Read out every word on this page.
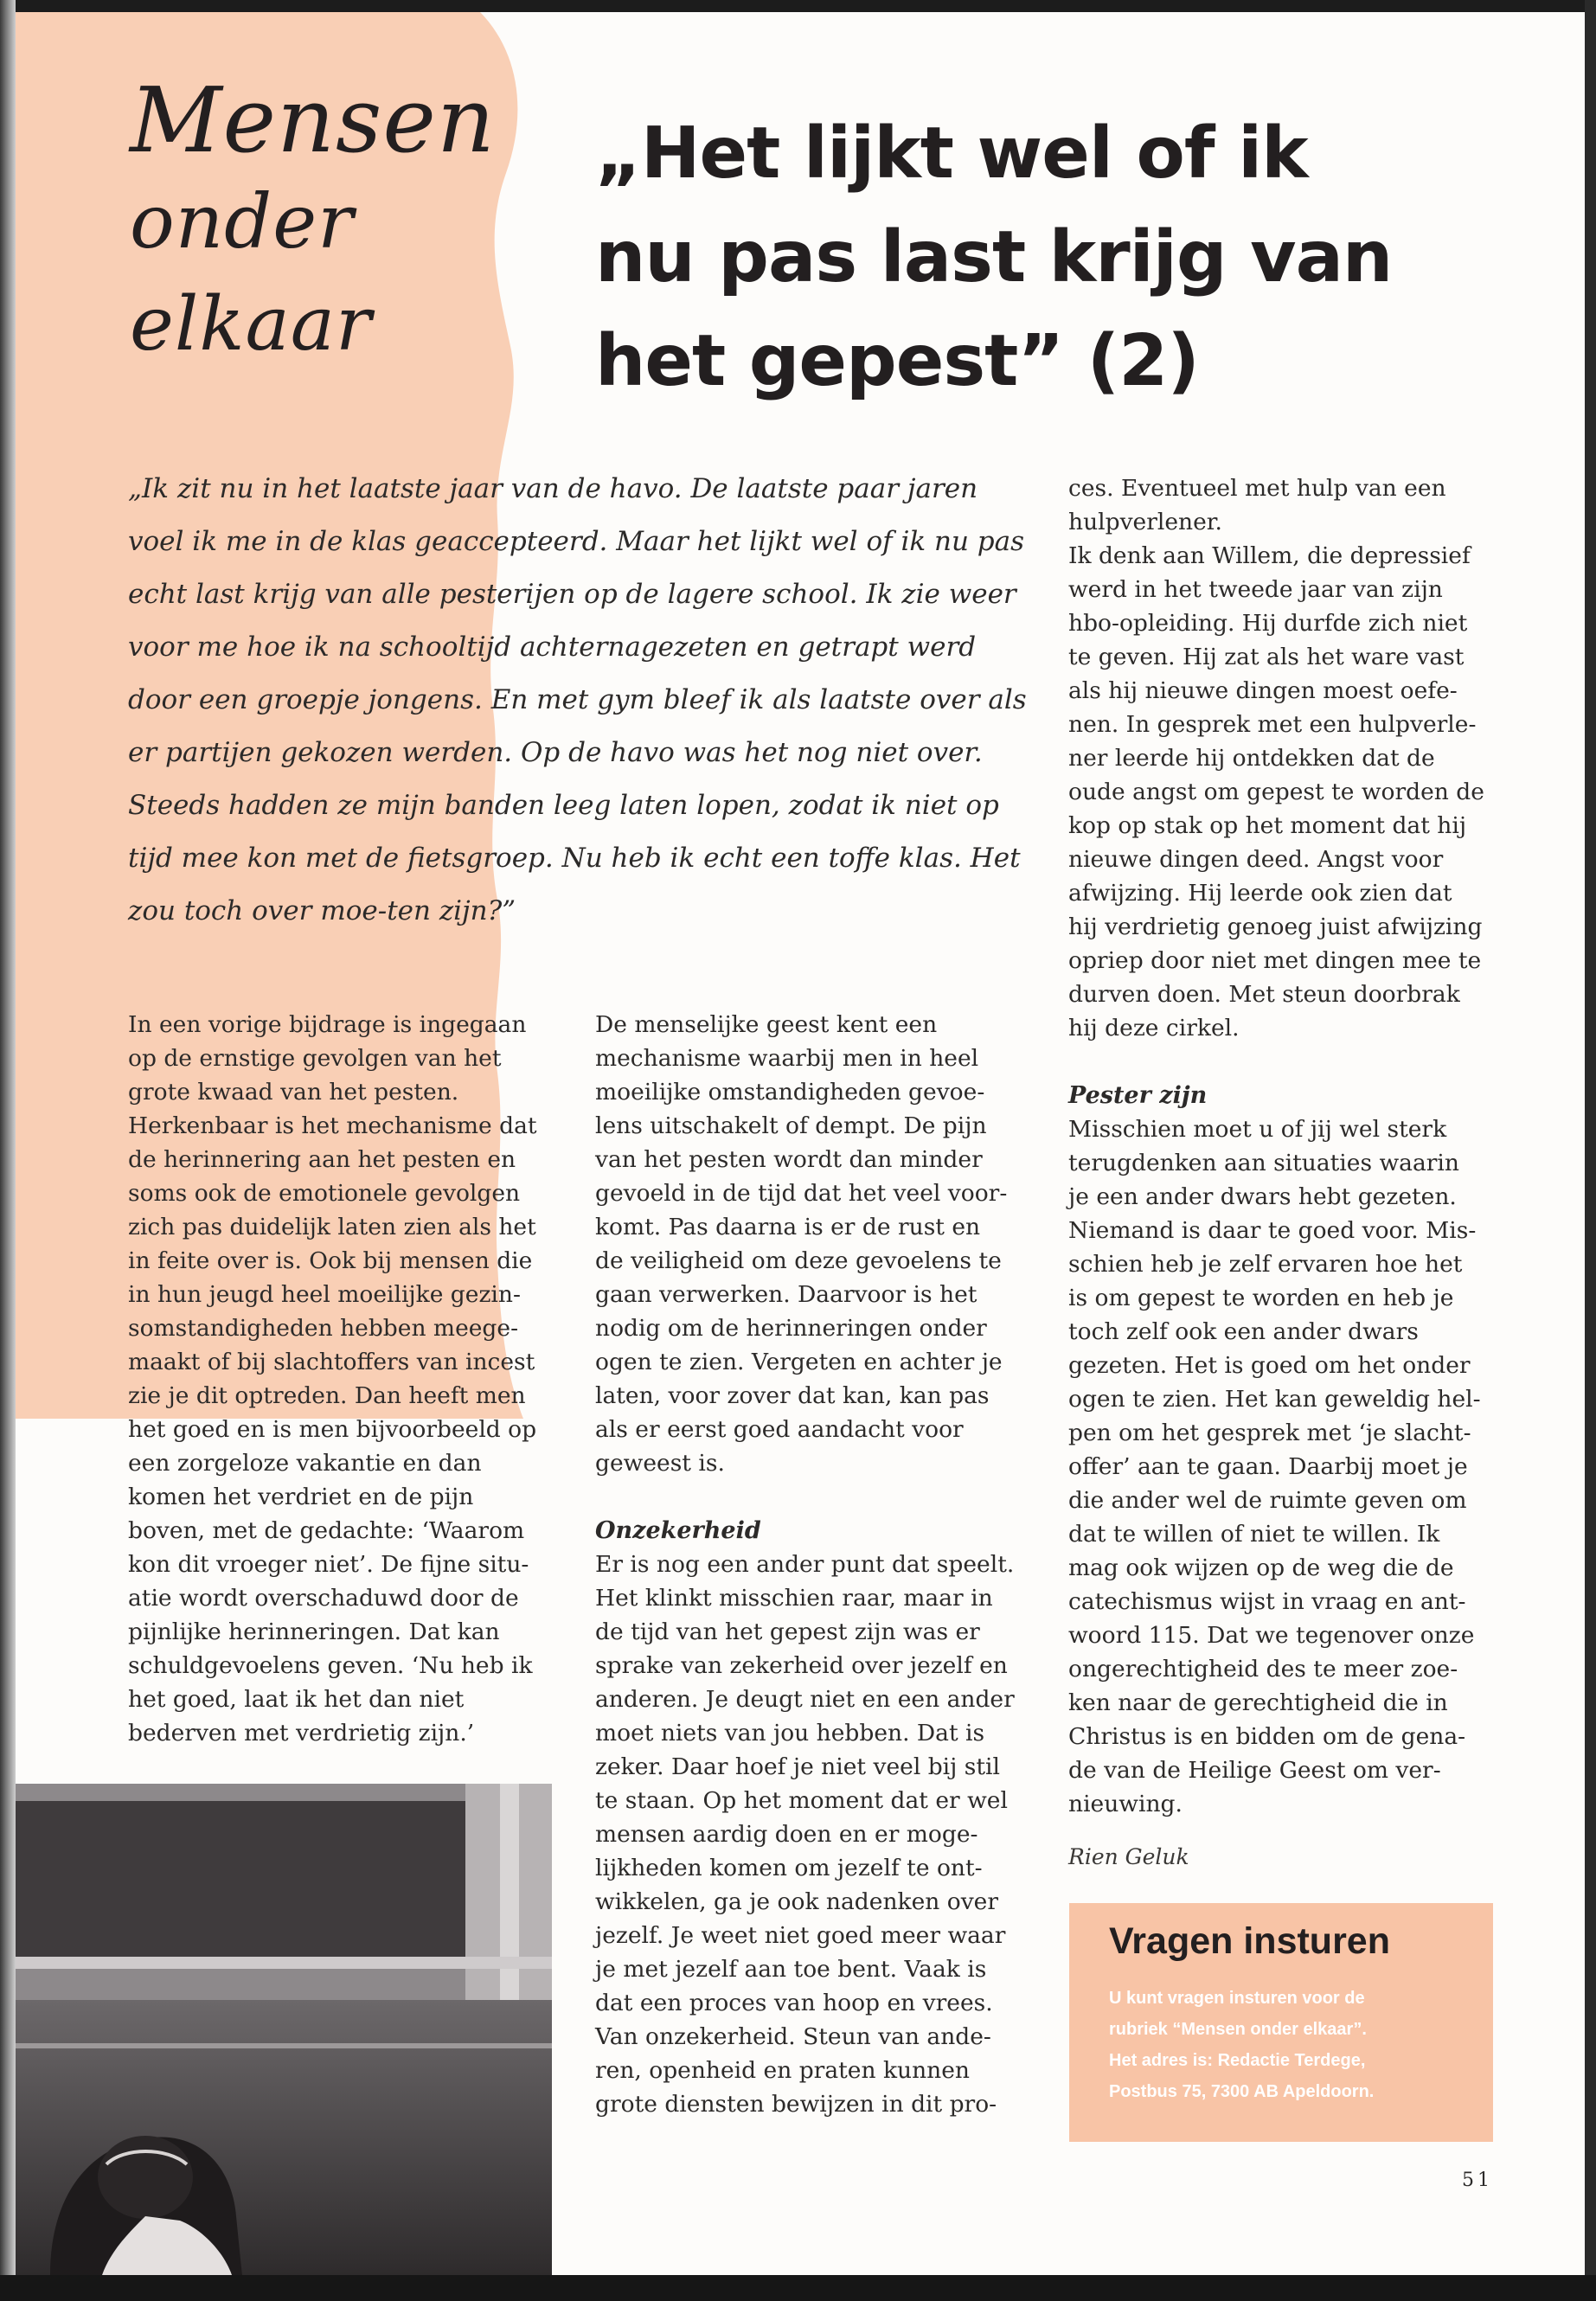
Mensen
onder
elkaar
„Het lijkt wel of ik
nu pas last krijg van
het gepest” (2)
„Ik zit nu in het laatste jaar van de havo. De laatste paar jaren voel ik me in de klas geaccepteerd. Maar het lijkt wel of ik nu pas echt last krijg van alle pesterijen op de lagere school. Ik zie weer voor me hoe ik na schooltijd achternagezeten en getrapt werd door een groepje jongens. En met gym bleef ik als laatste over als er partijen gekozen werden. Op de havo was het nog niet over. Steeds hadden ze mijn banden leeg laten lopen, zodat ik niet op tijd mee kon met de fietsgroep. Nu heb ik echt een toffe klas. Het zou toch over moe-ten zijn?”

In een vorige bijdrage is ingegaan

op de ernstige gevolgen van het

grote kwaad van het pesten.

Herkenbaar is het mechanisme dat

de herinnering aan het pesten en

soms ook de emotionele gevolgen

zich pas duidelijk laten zien als het

in feite over is. Ook bij mensen die

in hun jeugd heel moeilijke gezin-

somstandigheden hebben meege-

maakt of bij slachtoffers van incest

zie je dit optreden. Dan heeft men

het goed en is men bijvoorbeeld op

een zorgeloze vakantie en dan

komen het verdriet en de pijn

boven, met de gedachte: ‘Waarom

kon dit vroeger niet’. De fijne situ-

atie wordt overschaduwd door de

pijnlijke herinneringen. Dat kan

schuldgevoelens geven. ‘Nu heb ik

het goed, laat ik het dan niet

bederven met verdrietig zijn.’

De menselijke geest kent een

mechanisme waarbij men in heel

moeilijke omstandigheden gevoe-

lens uitschakelt of dempt. De pijn

van het pesten wordt dan minder

gevoeld in de tijd dat het veel voor-

komt. Pas daarna is er de rust en

de veiligheid om deze gevoelens te

gaan verwerken. Daarvoor is het

nodig om de herinneringen onder

ogen te zien. Vergeten en achter je

laten, voor zover dat kan, kan pas

als er eerst goed aandacht voor

geweest is.

Onzekerheid

Er is nog een ander punt dat speelt.

Het klinkt misschien raar, maar in

de tijd van het gepest zijn was er

sprake van zekerheid over jezelf en

anderen. Je deugt niet en een ander

moet niets van jou hebben. Dat is

zeker. Daar hoef je niet veel bij stil

te staan. Op het moment dat er wel

mensen aardig doen en er moge-

lijkheden komen om jezelf te ont-

wikkelen, ga je ook nadenken over

jezelf. Je weet niet goed meer waar

je met jezelf aan toe bent. Vaak is

dat een proces van hoop en vrees.

Van onzekerheid. Steun van ande-

ren, openheid en praten kunnen

grote diensten bewijzen in dit pro-

ces. Eventueel met hulp van een

hulpverlener.

Ik denk aan Willem, die depressief

werd in het tweede jaar van zijn

hbo-opleiding. Hij durfde zich niet

te geven. Hij zat als het ware vast

als hij nieuwe dingen moest oefe-

nen. In gesprek met een hulpverle-

ner leerde hij ontdekken dat de

oude angst om gepest te worden de

kop op stak op het moment dat hij

nieuwe dingen deed. Angst voor

afwijzing. Hij leerde ook zien dat

hij verdrietig genoeg juist afwijzing

opriep door niet met dingen mee te

durven doen. Met steun doorbrak

hij deze cirkel.

Pester zijn

Misschien moet u of jij wel sterk

terugdenken aan situaties waarin

je een ander dwars hebt gezeten.

Niemand is daar te goed voor. Mis-

schien heb je zelf ervaren hoe het

is om gepest te worden en heb je

toch zelf ook een ander dwars

gezeten. Het is goed om het onder

ogen te zien. Het kan geweldig hel-

pen om het gesprek met ‘je slacht-

offer’ aan te gaan. Daarbij moet je

die ander wel de ruimte geven om

dat te willen of niet te willen. Ik

mag ook wijzen op de weg die de

catechismus wijst in vraag en ant-

woord 115. Dat we tegenover onze

ongerechtigheid des te meer zoe-

ken naar de gerechtigheid die in

Christus is en bidden om de gena-

de van de Heilige Geest om ver-

nieuwing.

Rien Geluk
Vragen insturen
U kunt vragen insturen voor de
rubriek “Mensen onder elkaar”.
Het adres is: Redactie Terdege,
Postbus 75, 7300 AB Apeldoorn.
51
